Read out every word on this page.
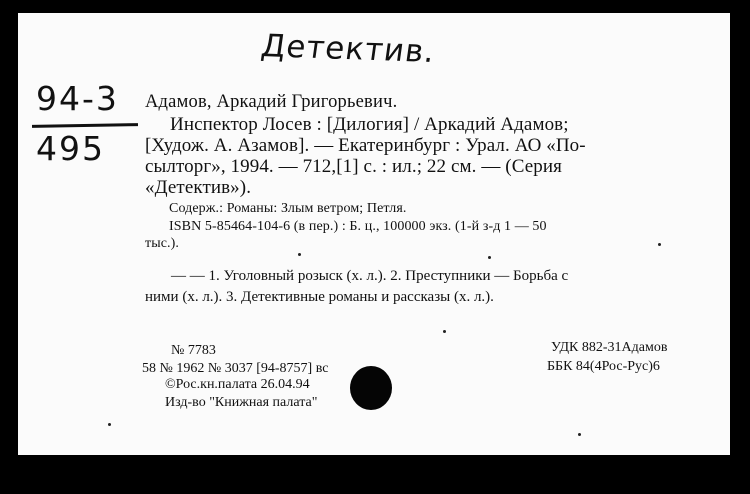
Детектив.
94-3
495
Адамов, Аркадий Григорьевич.
Инспектор Лосев : [Дилогия] / Аркадий Адамов;
[Худож. А. Азамов]. — Екатеринбург : Урал. АО «По-
сылторг», 1994. — 712,[1] с. : ил.; 22 см. — (Серия
«Детектив»).
Содерж.: Романы: Злым ветром; Петля.
ISBN 5-85464-104-6 (в пер.) : Б. ц., 100000 экз. (1-й з-д 1 — 50
тыс.).
— — 1. Уголовный розыск (х. л.). 2. Преступники — Борьба с
ними (х. л.). 3. Детективные романы и рассказы (х. л.).
№ 7783
58 № 1962 № 3037 [94-8757] вс
©Рос.кн.палата 26.04.94
Изд-во "Книжная палата"
УДК 882-31Адамов
ББК 84(4Рос-Рус)6
